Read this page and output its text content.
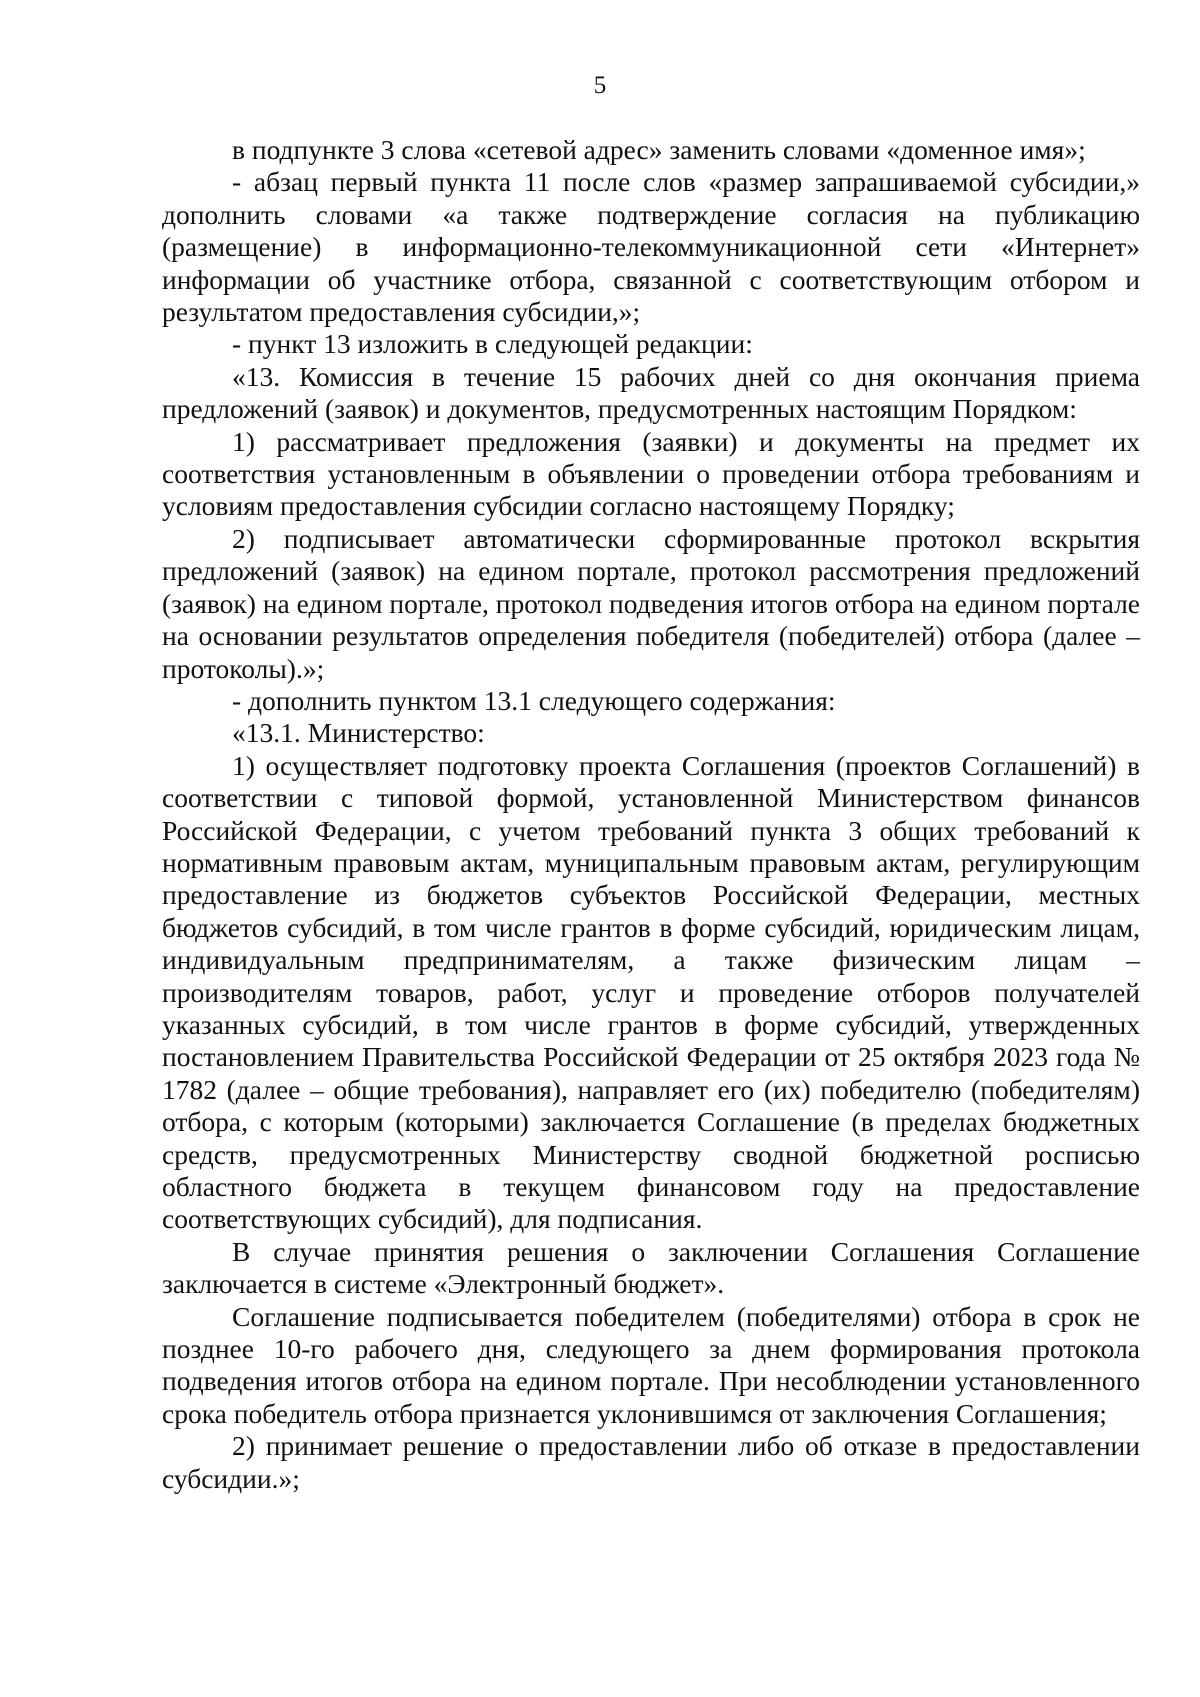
5

в подпункте 3 слова «сетевой адрес» заменить словами «доменное имя»;

- абзац первый пункта 11 после слов «размер запрашиваемой субсидии,» дополнить словами «а также подтверждение согласия на публикацию (размещение) в информационно-телекоммуникационной сети «Интернет» информации об участнике отбора, связанной с соответствующим отбором и результатом предоставления субсидии,»;

- пункт 13 изложить в следующей редакции:

«13. Комиссия в течение 15 рабочих дней со дня окончания приема предложений (заявок) и документов, предусмотренных настоящим Порядком:

1) рассматривает предложения (заявки) и документы на предмет их соответствия установленным в объявлении о проведении отбора требованиям и условиям предоставления субсидии согласно настоящему Порядку;

2) подписывает автоматически сформированные протокол вскрытия предложений (заявок) на едином портале, протокол рассмотрения предложений (заявок) на едином портале, протокол подведения итогов отбора на едином портале на основании результатов определения победителя (победителей) отбора (далее – протоколы).»;

- дополнить пунктом 13.1 следующего содержания:

«13.1. Министерство:

1) осуществляет подготовку проекта Соглашения (проектов Соглашений) в соответствии с типовой формой, установленной Министерством финансов Российской Федерации, с учетом требований пункта 3 общих требований к нормативным правовым актам, муниципальным правовым актам, регулирующим предоставление из бюджетов субъектов Российской Федерации, местных бюджетов субсидий, в том числе грантов в форме субсидий, юридическим лицам, индивидуальным предпринимателям, а также физическим лицам – производителям товаров, работ, услуг и проведение отборов получателей указанных субсидий, в том числе грантов в форме субсидий, утвержденных постановлением Правительства Российской Федерации от 25 октября 2023 года № 1782 (далее – общие требования), направляет его (их) победителю (победителям) отбора, с которым (которыми) заключается Соглашение (в пределах бюджетных средств, предусмотренных Министерству сводной бюджетной росписью областного бюджета в текущем финансовом году на предоставление соответствующих субсидий), для подписания.

В случае принятия решения о заключении Соглашения Соглашение заключается в системе «Электронный бюджет».

Соглашение подписывается победителем (победителями) отбора в срок не позднее 10-го рабочего дня, следующего за днем формирования протокола подведения итогов отбора на едином портале. При несоблюдении установленного срока победитель отбора признается уклонившимся от заключения Соглашения;

2) принимает решение о предоставлении либо об отказе в предоставлении субсидии.»;
